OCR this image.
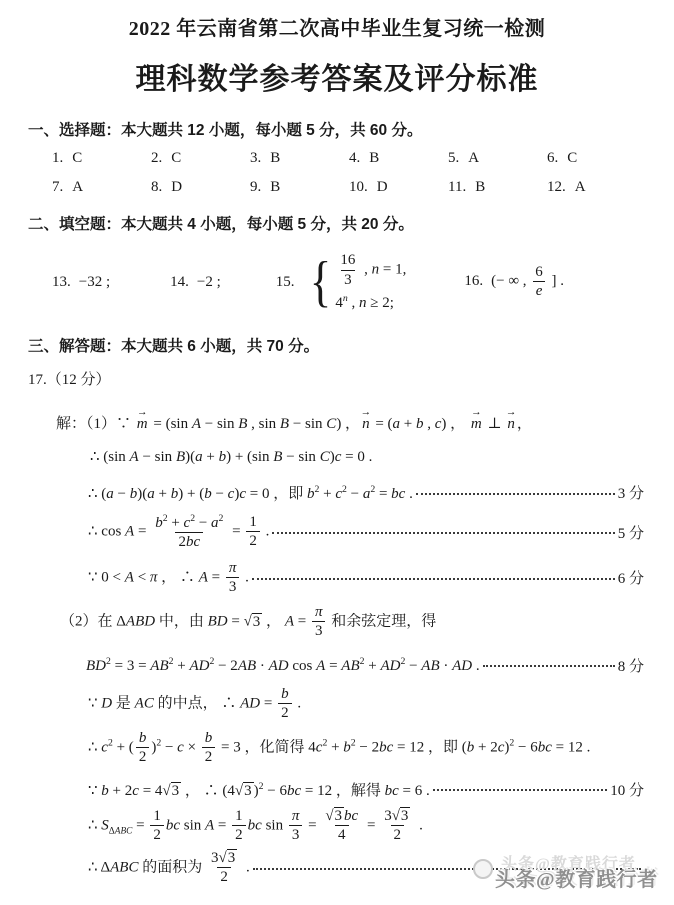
2022 年云南省第二次高中毕业生复习统一检测
理科数学参考答案及评分标准
一、选择题：本大题共 12 小题，每小题 5 分，共 60 分。
1. C	2. C	3. B	4. B	5. A	6. C
7. A	8. D	9. B	10. D	11. B	12. A
二、填空题：本大题共 4 小题，每小题 5 分，共 20 分。
13. −32 ;	14. −2 ;	15. { $\frac{16}{3}$ , n = 1,
4$^n$ , n ≥ 2;
16. (− ∞ , $\frac{6}{e}$ ] .
三、解答题：本大题共 6 小题，共 70 分。
17.（12 分）
解：（1）∵ → m = (sin A − sin B , sin B − sin C) ， → n = (a + b , c) ， → m ⊥ → n ，
∴ (sin A − sin B)(a + b) + (sin B − sin C)c = 0 .
∴ (a − b)(a + b) + (b − c)c = 0 ，即 $b^2 + c^2 - a^2$ = bc .	3 分
∴ $\cos A = \frac{b^2 + c^2 - a^2}{2bc} = \frac{1}{2}$ .	5 分
∵ 0 < A < π ， ∴ $A = \frac{\pi}{3}$ .	6 分
（2）在 ΔABD 中，由 BD = √3 ， $A = \frac{\pi}{3}$ 和余弦定理，得
$BD^2 = 3 = AB^2 + AD^2 - 2AB$ · AD $\cos A = AB^2 + AD^2$ − AB · AD .	8 分
∵ D 是 AC 的中点， ∴ AD = $\frac{b}{2}$ .
∴ $c^2$ + ( $\frac{b}{2} )^2 - c \times \frac{b}{2} = 3$ ，化简得 $4c^2 + b^2 - 2bc = 12$ ，即 $(b + 2c)^2 - 6bc = 12$ .
∵ b + 2c = 4√3 ， ∴ (4√3 )$^2$ − 6bc = 12 ，解得 bc = 6 .	10 分
∴ $S_{\Delta ABC} = \frac{1}{2}$ bc $\sin A = \frac{1}{2}$ bc $\sin \frac{\pi}{3} = \frac{√3 bc}{4} = \frac{3√3}{2}$ .
∴ ΔABC 的面积为 $\frac{3√3}{2}$ .	头条@教育践行者
头条@教育践行者
